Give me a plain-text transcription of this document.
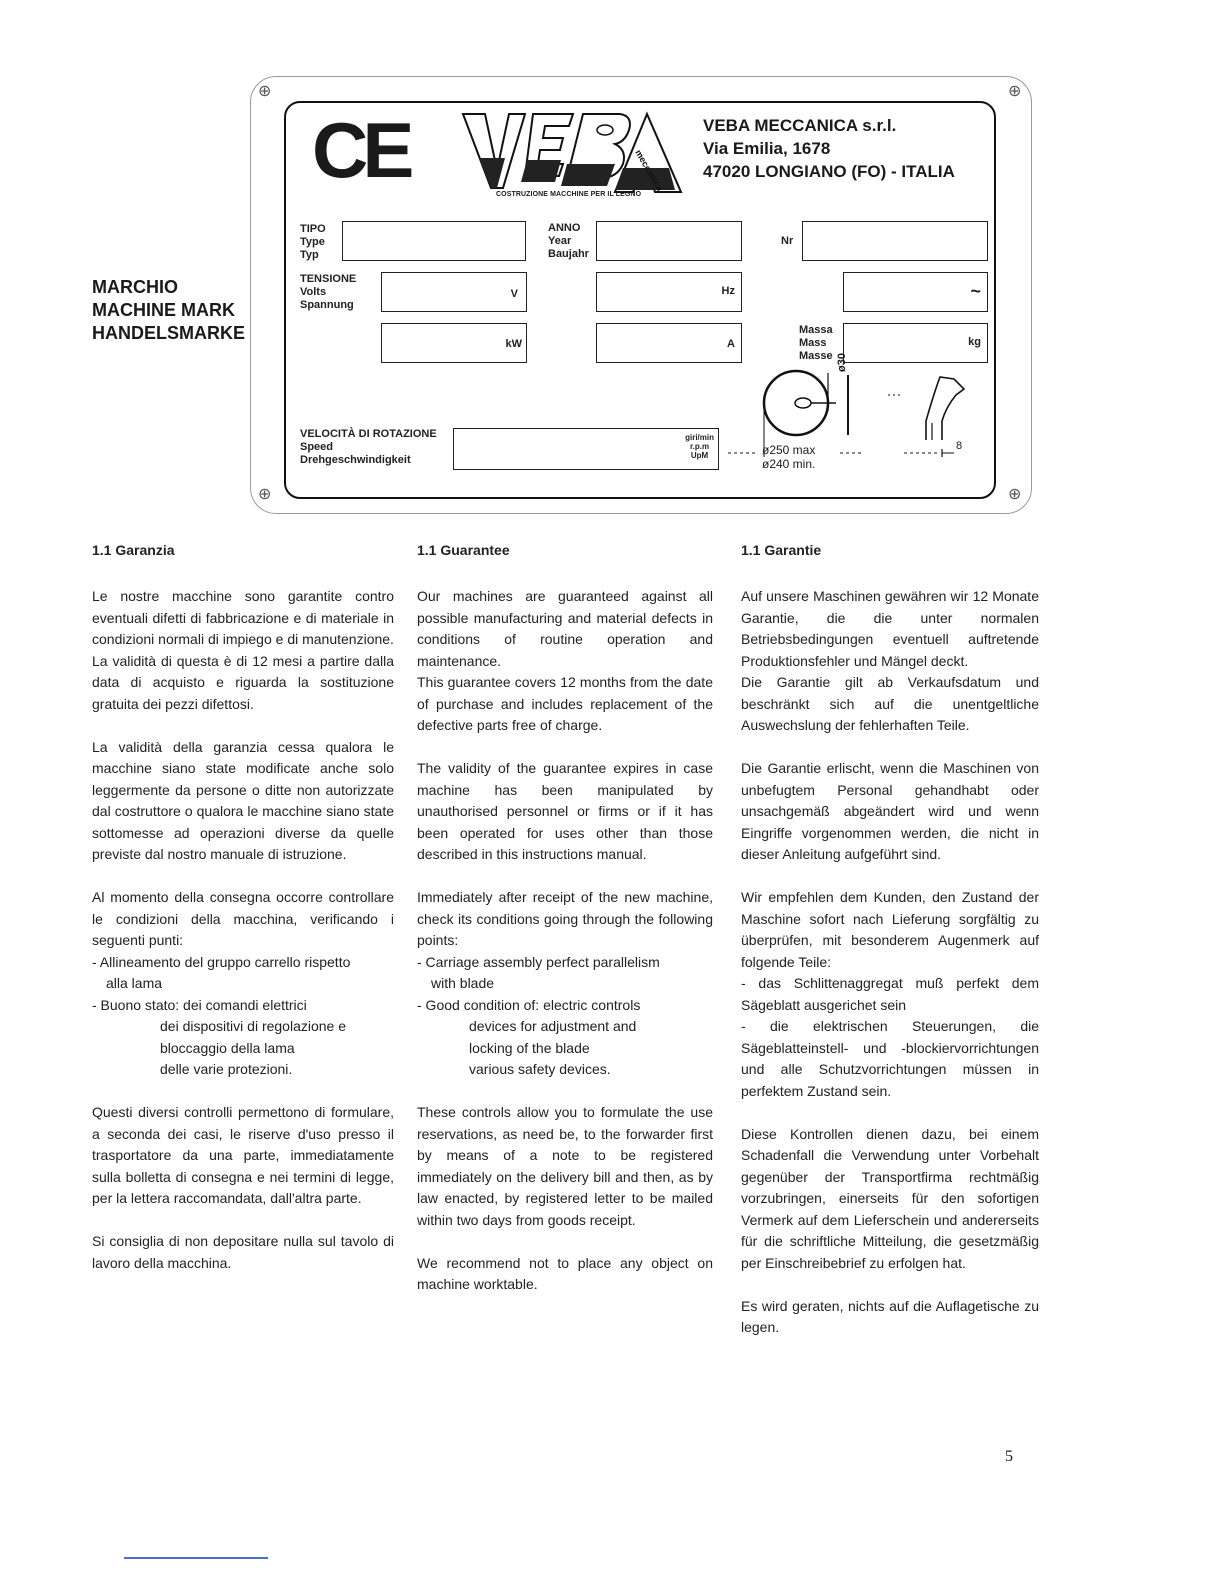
⊕	⊕
⊕	⊕
CE	meccanica
COSTRUZIONE MACCHINE PER IL LEGNO
VEBA MECCANICA s.r.l.
Via Emilia, 1678
47020 LONGIANO (FO) - ITALIA
TIPO
Type
Typ
ANNO
Year
Baujahr
Nr
TENSIONE
Volts
Spannung
V	Hz	~
kW	A
Massa
Mass
Masse
kg
VELOCITÀ DI ROTAZIONE
Speed
Drehgeschwindigkeit
giri/min
r.p.m
UpM
ø30
ø250 max
ø240 min.
8
MARCHIO
MACHINE MARK
HANDELSMARKE
1.1 Garanzia

Le nostre macchine sono garantite contro eventuali difetti di fabbricazione e di materiale in condizioni normali di impiego e di manutenzione.

La validità di questa è di 12 mesi a partire dalla data di acquisto e riguarda la sostituzione gratuita dei pezzi difettosi.

La validità della garanzia cessa qualora le macchine siano state modificate anche solo leggermente da persone o ditte non autorizzate dal costruttore o qualora le macchine siano state sottomesse ad operazioni diverse da quelle previste dal nostro manuale di istruzione.

Al momento della consegna occorre controllare le condizioni della macchina, verificando i seguenti punti:

- Allineamento del gruppo carrello rispetto
alla lama
- Buono stato: dei comandi elettrici
dei dispositivi di regolazione e
bloccaggio della lama
delle varie protezioni.

Questi diversi controlli permettono di formulare, a seconda dei casi, le riserve d'uso presso il trasportatore da una parte, immediatamente sulla bolletta di consegna e nei termini di legge, per la lettera raccomandata, dall'altra parte.

Si consiglia di non depositare nulla sul tavolo di lavoro della macchina.

1.1 Guarantee

Our machines are guaranteed against all possible manufacturing and material defects in conditions of routine operation and maintenance.

This guarantee covers 12 months from the date of purchase and includes replacement of the defective parts free of charge.

The validity of the guarantee expires in case machine has been manipulated by unauthorised personnel or firms or if it has been operated for uses other than those described in this instructions manual.

Immediately after receipt of the new machine, check its conditions going through the following points:

- Carriage assembly perfect parallelism
with blade
- Good condition of: electric controls
devices for adjustment and
locking of the blade
various safety devices.

These controls allow you to formulate the use reservations, as need be, to the forwarder first by means of a note to be registered immediately on the delivery bill and then, as by law enacted, by registered letter to be mailed within two days from goods receipt.

We recommend not to place any object on machine worktable.

1.1 Garantie

Auf unsere Maschinen gewähren wir 12 Monate Garantie, die die unter normalen Betriebsbedingungen eventuell auftretende Produktionsfehler und Mängel deckt.

Die Garantie gilt ab Verkaufsdatum und beschränkt sich auf die unentgeltliche Auswechslung der fehlerhaften Teile.

Die Garantie erlischt, wenn die Maschinen von unbefugtem Personal gehandhabt oder unsachgemäß abgeändert wird und wenn Eingriffe vorgenommen werden, die nicht in dieser Anleitung aufgeführt sind.

Wir empfehlen dem Kunden, den Zustand der Maschine sofort nach Lieferung sorgfältig zu überprüfen, mit besonderem Augenmerk auf folgende Teile:

- das Schlittenaggregat muß perfekt dem Sägeblatt ausgerichet sein

- die elektrischen Steuerungen, die Sägeblatteinstell- und -blockiervorrichtungen und alle Schutzvorrichtungen müssen in perfektem Zustand sein.

Diese Kontrollen dienen dazu, bei einem Schadenfall die Verwendung unter Vorbehalt gegenüber der Transportfirma rechtmäßig vorzubringen, einerseits für den sofortigen Vermerk auf dem Lieferschein und andererseits für die schriftliche Mitteilung, die gesetzmäßig per Einschreibebrief zu erfolgen hat.

Es wird geraten, nichts auf die Auflagetische zu legen.

5
